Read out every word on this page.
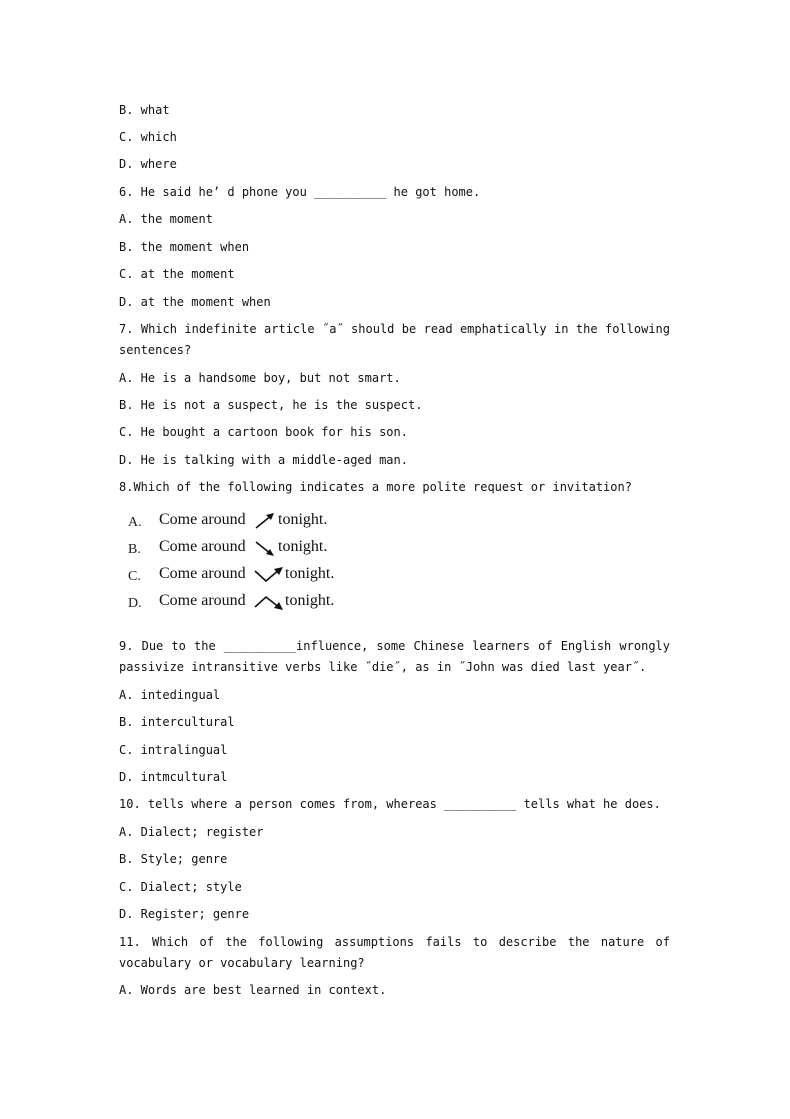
B. what
C. which
D. where
6. He said he’ d phone you __________ he got home.
A. the moment
B. the moment when
C. at the moment
D. at the moment when
7. Which indefinite article ˝a˝ should be read emphatically in the following
sentences?
A. He is a handsome boy, but not smart.
B. He is not a suspect, he is the suspect.
C. He bought a cartoon book for his son.
D. He is talking with a middle-aged man.
8.Which of the following indicates a more polite request or invitation?
A. Come around tonight.
B. Come around tonight.
C. Come around tonight.
D. Come around tonight.
9. Due to the __________influence, some Chinese learners of English wrongly
passivize intransitive verbs like ˝die˝, as in ˝John was died last year˝.
A. intedingual
B. intercultural
C. intralingual
D. intmcultural
10. tells where a person comes from, whereas __________ tells what he does.
A. Dialect; register
B. Style; genre
C. Dialect; style
D. Register; genre
11. Which of the following assumptions fails to describe the nature of
vocabulary or vocabulary learning?
A. Words are best learned in context.
